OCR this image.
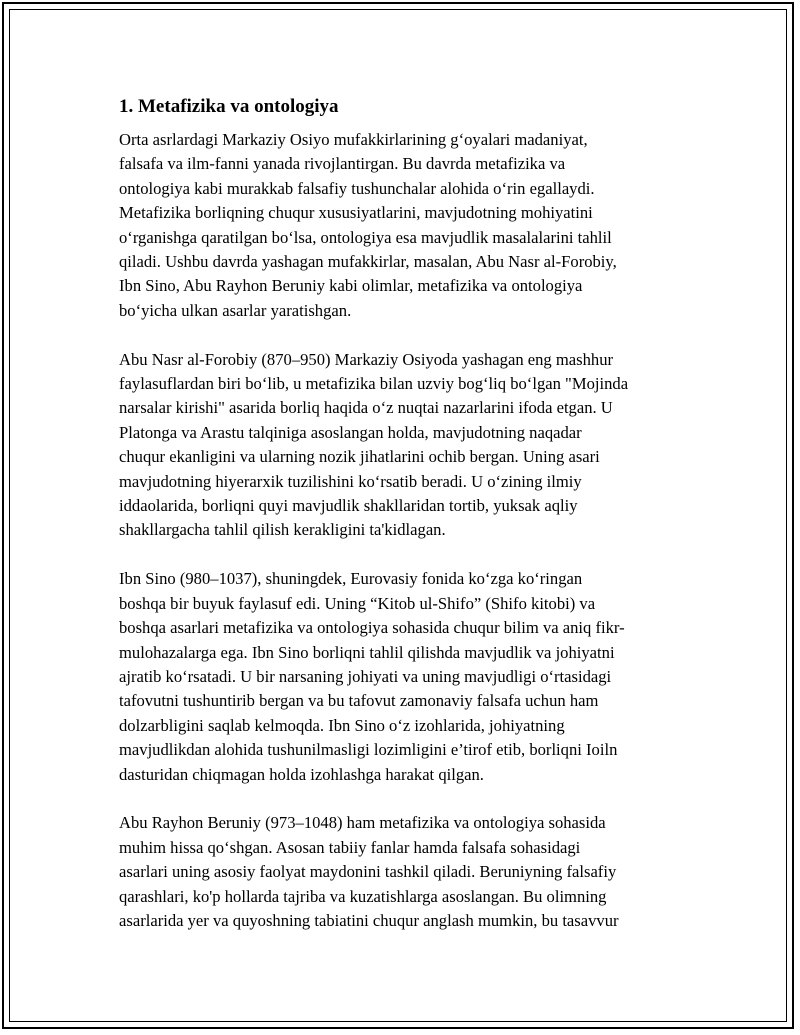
1. Metafizika va ontologiya

Orta asrlardagi Markaziy Osiyo mufakkirlarining g‘oyalari madaniyat,
falsafa va ilm-fanni yanada rivojlantirgan. Bu davrda metafizika va
ontologiya kabi murakkab falsafiy tushunchalar alohida o‘rin egallaydi.
Metafizika borliqning chuqur xususiyatlarini, mavjudotning mohiyatini
o‘rganishga qaratilgan bo‘lsa, ontologiya esa mavjudlik masalalarini tahlil
qiladi. Ushbu davrda yashagan mufakkirlar, masalan, Abu Nasr al-Forobiy,
Ibn Sino, Abu Rayhon Beruniy kabi olimlar, metafizika va ontologiya
bo‘yicha ulkan asarlar yaratishgan.

Abu Nasr al-Forobiy (870–950) Markaziy Osiyoda yashagan eng mashhur
faylasuflardan biri bo‘lib, u metafizika bilan uzviy bog‘liq bo‘lgan "Mojinda
narsalar kirishi" asarida borliq haqida o‘z nuqtai nazarlarini ifoda etgan. U
Platonga va Arastu talqiniga asoslangan holda, mavjudotning naqadar
chuqur ekanligini va ularning nozik jihatlarini ochib bergan. Uning asari
mavjudotning hiyerarxik tuzilishini ko‘rsatib beradi. U o‘zining ilmiy
iddaolarida, borliqni quyi mavjudlik shakllaridan tortib, yuksak aqliy
shakllargacha tahlil qilish kerakligini ta'kidlagan.

Ibn Sino (980–1037), shuningdek, Eurovasiy fonida ko‘zga ko‘ringan
boshqa bir buyuk faylasuf edi. Uning “Kitob ul-Shifo” (Shifo kitobi) va
boshqa asarlari metafizika va ontologiya sohasida chuqur bilim va aniq fikr-
mulohazalarga ega. Ibn Sino borliqni tahlil qilishda mavjudlik va johiyatni
ajratib ko‘rsatadi. U bir narsaning johiyati va uning mavjudligi o‘rtasidagi
tafovutni tushuntirib bergan va bu tafovut zamonaviy falsafa uchun ham
dolzarbligini saqlab kelmoqda. Ibn Sino o‘z izohlarida, johiyatning
mavjudlikdan alohida tushunilmasligi lozimligini e’tirof etib, borliqni Ioiln
dasturidan chiqmagan holda izohlashga harakat qilgan.

Abu Rayhon Beruniy (973–1048) ham metafizika va ontologiya sohasida
muhim hissa qo‘shgan. Asosan tabiiy fanlar hamda falsafa sohasidagi
asarlari uning asosiy faolyat maydonini tashkil qiladi. Beruniyning falsafiy
qarashlari, ko'p hollarda tajriba va kuzatishlarga asoslangan. Bu olimning
asarlarida yer va quyoshning tabiatini chuqur anglash mumkin, bu tasavvur
